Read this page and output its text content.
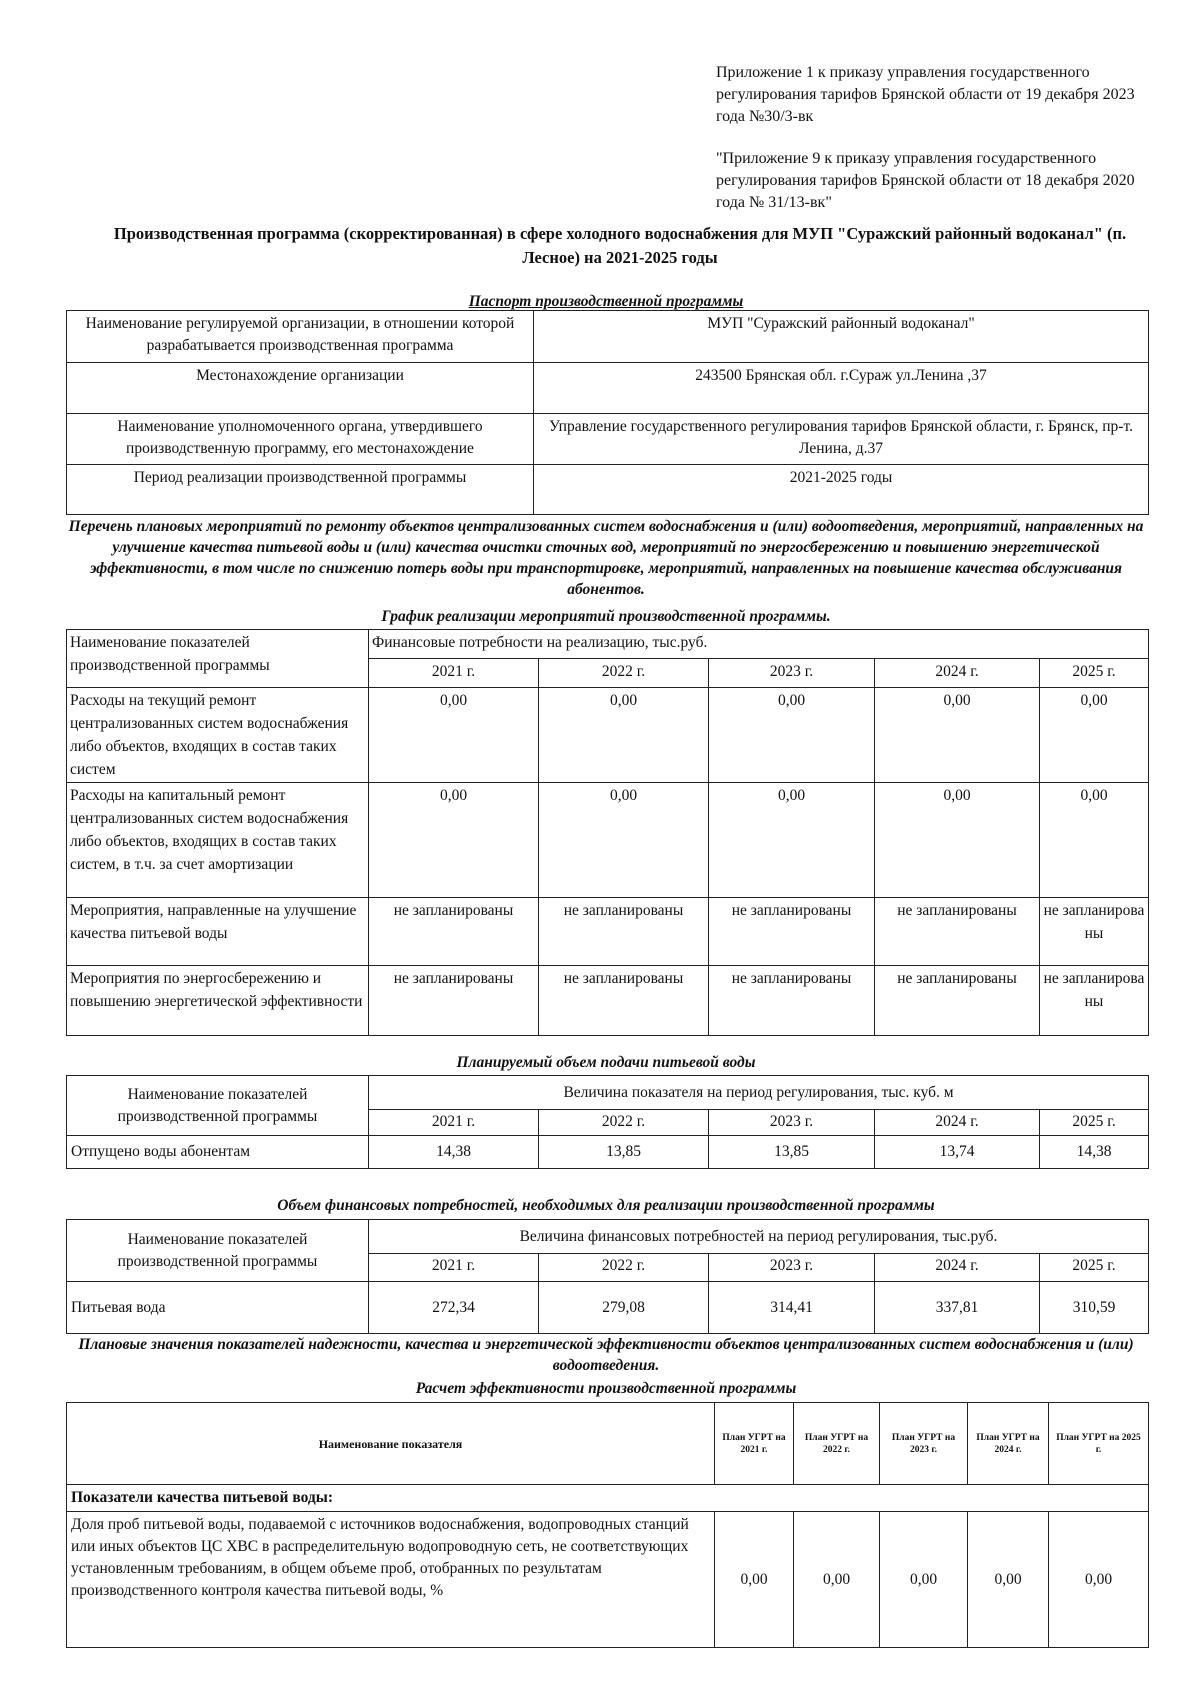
Приложение 1 к приказу управления государственного регулирования тарифов Брянской области от 19 декабря 2023 года №30/3-вк
"Приложение 9 к приказу управления государственного регулирования тарифов Брянской области от 18 декабря 2020 года № 31/13-вк"
Производственная программа (скорректированная) в сфере холодного водоснабжения для МУП "Суражский районный водоканал" (п. Лесное) на 2021-2025 годы
Паспорт производственной программы
Наименование регулируемой организации, в отношении которой разрабатывается производственная программа	МУП "Суражский районный водоканал"
Местонахождение организации	243500 Брянская обл. г.Сураж ул.Ленина ,37
Наименование уполномоченного органа, утвердившего производственную программу, его местонахождение	Управление государственного регулирования тарифов Брянской области, г. Брянск, пр-т. Ленина, д.37
Период реализации производственной программы	2021-2025 годы
Перечень плановых мероприятий по ремонту объектов централизованных систем водоснабжения и (или) водоотведения, мероприятий, направленных на улучшение качества питьевой воды и (или) качества очистки сточных вод, мероприятий по энергосбережению и повышению энергетической эффективности, в том числе по снижению потерь воды при транспортировке, мероприятий, направленных на повышение качества обслуживания абонентов.
График реализации мероприятий производственной программы.
Наименование показателей производственной программы	Финансовые потребности на реализацию, тыс.руб.				
	2021 г.	2022 г.	2023 г.	2024 г.	2025 г.
Расходы на текущий ремонт централизованных систем водоснабжения либо объектов, входящих в состав таких систем	0,00	0,00	0,00	0,00	0,00
Расходы на капитальный ремонт централизованных систем водоснабжения либо объектов, входящих в состав таких систем, в т.ч. за счет амортизации	0,00	0,00	0,00	0,00	0,00
Мероприятия, направленные на улучшение качества питьевой воды	не запланированы	не запланированы	не запланированы	не запланированы	не запланированы
Мероприятия по энергосбережению и повышению энергетической эффективности	не запланированы	не запланированы	не запланированы	не запланированы	не запланированы
Планируемый объем подачи питьевой воды
Наименование показателей производственной программы	Величина показателя на период регулирования, тыс. куб. м				
	2021 г.	2022 г.	2023 г.	2024 г.	2025 г.
Отпущено воды абонентам	14,38	13,85	13,85	13,74	14,38
Объем финансовых потребностей, необходимых для реализации производственной программы
Наименование показателей производственной программы	Величина финансовых потребностей на период регулирования, тыс.руб.				
	2021 г.	2022 г.	2023 г.	2024 г.	2025 г.
Питьевая вода	272,34	279,08	314,41	337,81	310,59
Плановые значения показателей надежности, качества и энергетической эффективности объектов централизованных систем водоснабжения и (или) водоотведения.
Расчет эффективности производственной программы
Наименование показателя	План УГРТ на 2021 г.	План УГРТ на 2022 г.	План УГРТ на 2023 г.	План УГРТ на 2024 г.	План УГРТ на 2025 г.
Показатели качества питьевой воды:					
Доля проб питьевой воды, подаваемой с источников водоснабжения, водопроводных станций или иных объектов ЦС ХВС в распределительную водопроводную сеть, не соответствующих установленным требованиям, в общем объеме проб, отобранных по результатам производственного контроля качества питьевой воды, %	0,00	0,00	0,00	0,00	0,00
